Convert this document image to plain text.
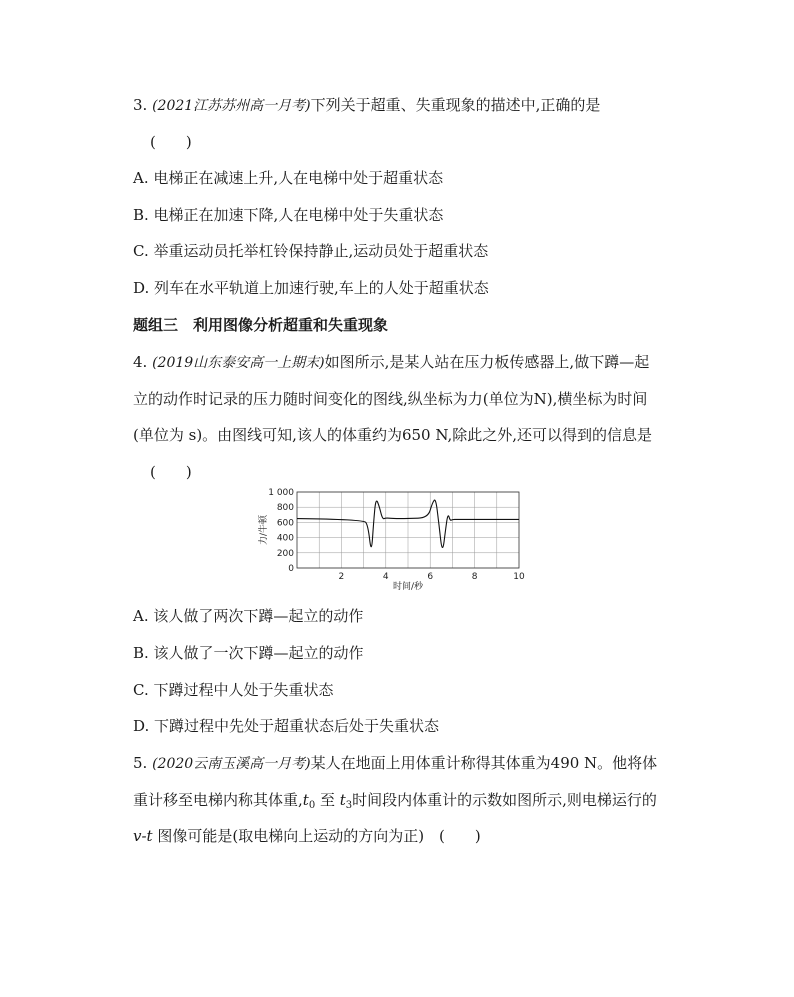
3. (2021江苏苏州高一月考)下列关于超重、失重现象的描述中,正确的是
(　　)
A. 电梯正在减速上升,人在电梯中处于超重状态
B. 电梯正在加速下降,人在电梯中处于失重状态
C. 举重运动员托举杠铃保持静止,运动员处于超重状态
D. 列车在水平轨道上加速行驶,车上的人处于超重状态
题组三　利用图像分析超重和失重现象
4. (2019山东泰安高一上期末)如图所示,是某人站在压力板传感器上,做下蹲—起
立的动作时记录的压力随时间变化的图线,纵坐标为力(单位为N),横坐标为时间
(单位为 s)。由图线可知,该人的体重约为650 N,除此之外,还可以得到的信息是
(　　)
1 000
800
600
400
200
0
2	4	6	8	10
力/牛顿
时间/秒
A. 该人做了两次下蹲—起立的动作
B. 该人做了一次下蹲—起立的动作
C. 下蹲过程中人处于失重状态
D. 下蹲过程中先处于超重状态后处于失重状态
5. (2020云南玉溪高一月考)某人在地面上用体重计称得其体重为490 N。他将体
重计移至电梯内称其体重$,t_0$ 至 $t_3$时间段内体重计的示数如图所示,则电梯运行的
v-t 图像可能是(取电梯向上运动的方向为正)　(　　)
